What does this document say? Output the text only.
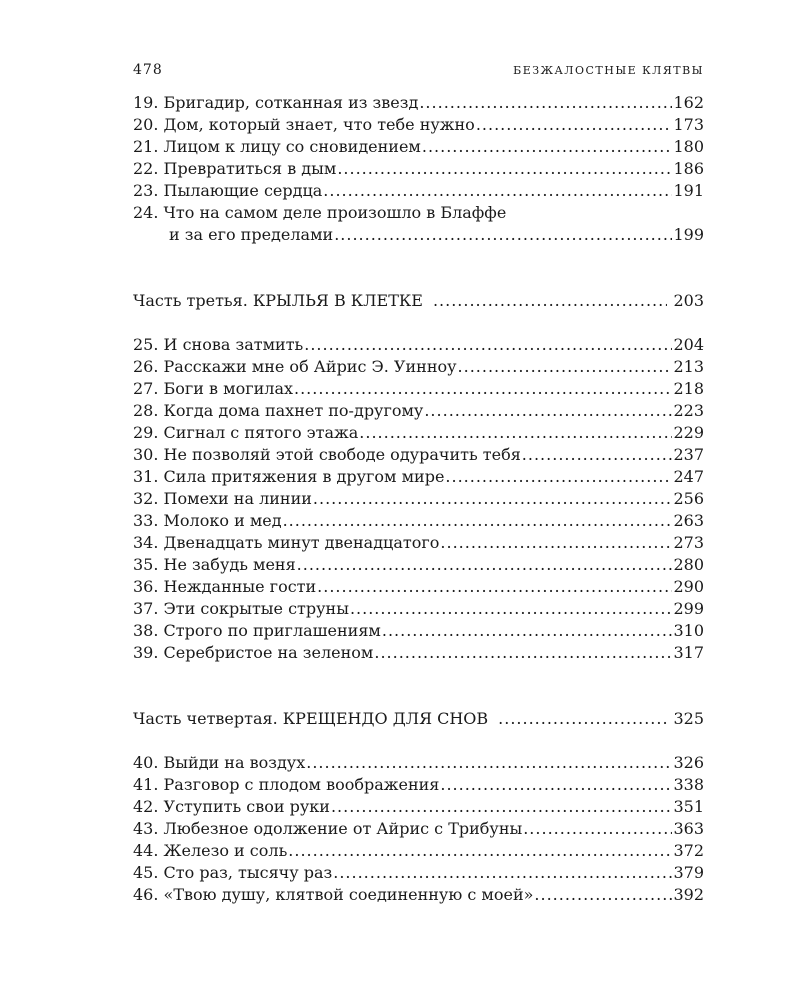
478	БЕЗЖАЛОСТНЫЕ КЛЯТВЫ
19. Бригадир, сотканная из звезд .....	162
20. Дом, который знает, что тебе нужно .....	173
21. Лицом к лицу со сновидением .....	180
22. Превратиться в дым .....	186
23. Пылающие сердца .....	191
24. Что на самом деле произошло в Блаффе
и за его пределами .....	199
Часть третья. КРЫЛЬЯ В КЛЕТКЕ .....	203
25. И снова затмить .....	204
26. Расскажи мне об Айрис Э. Уинноу .....	213
27. Боги в могилах .....	218
28. Когда дома пахнет по-другому .....	223
29. Сигнал с пятого этажа .....	229
30. Не позволяй этой свободе одурачить тебя .....	237
31. Сила притяжения в другом мире .....	247
32. Помехи на линии .....	256
33. Молоко и мед .....	263
34. Двенадцать минут двенадцатого .....	273
35. Не забудь меня .....	280
36. Нежданные гости .....	290
37. Эти сокрытые струны .....	299
38. Строго по приглашениям .....	310
39. Серебристое на зеленом .....	317
Часть четвертая. КРЕЩЕНДО ДЛЯ СНОВ .....	325
40. Выйди на воздух .....	326
41. Разговор с плодом воображения .....	338
42. Уступить свои руки .....	351
43. Любезное одолжение от Айрис с Трибуны .....	363
44. Железо и соль .....	372
45. Сто раз, тысячу раз .....	379
46. «Твою душу, клятвой соединенную с моей» .....	392
